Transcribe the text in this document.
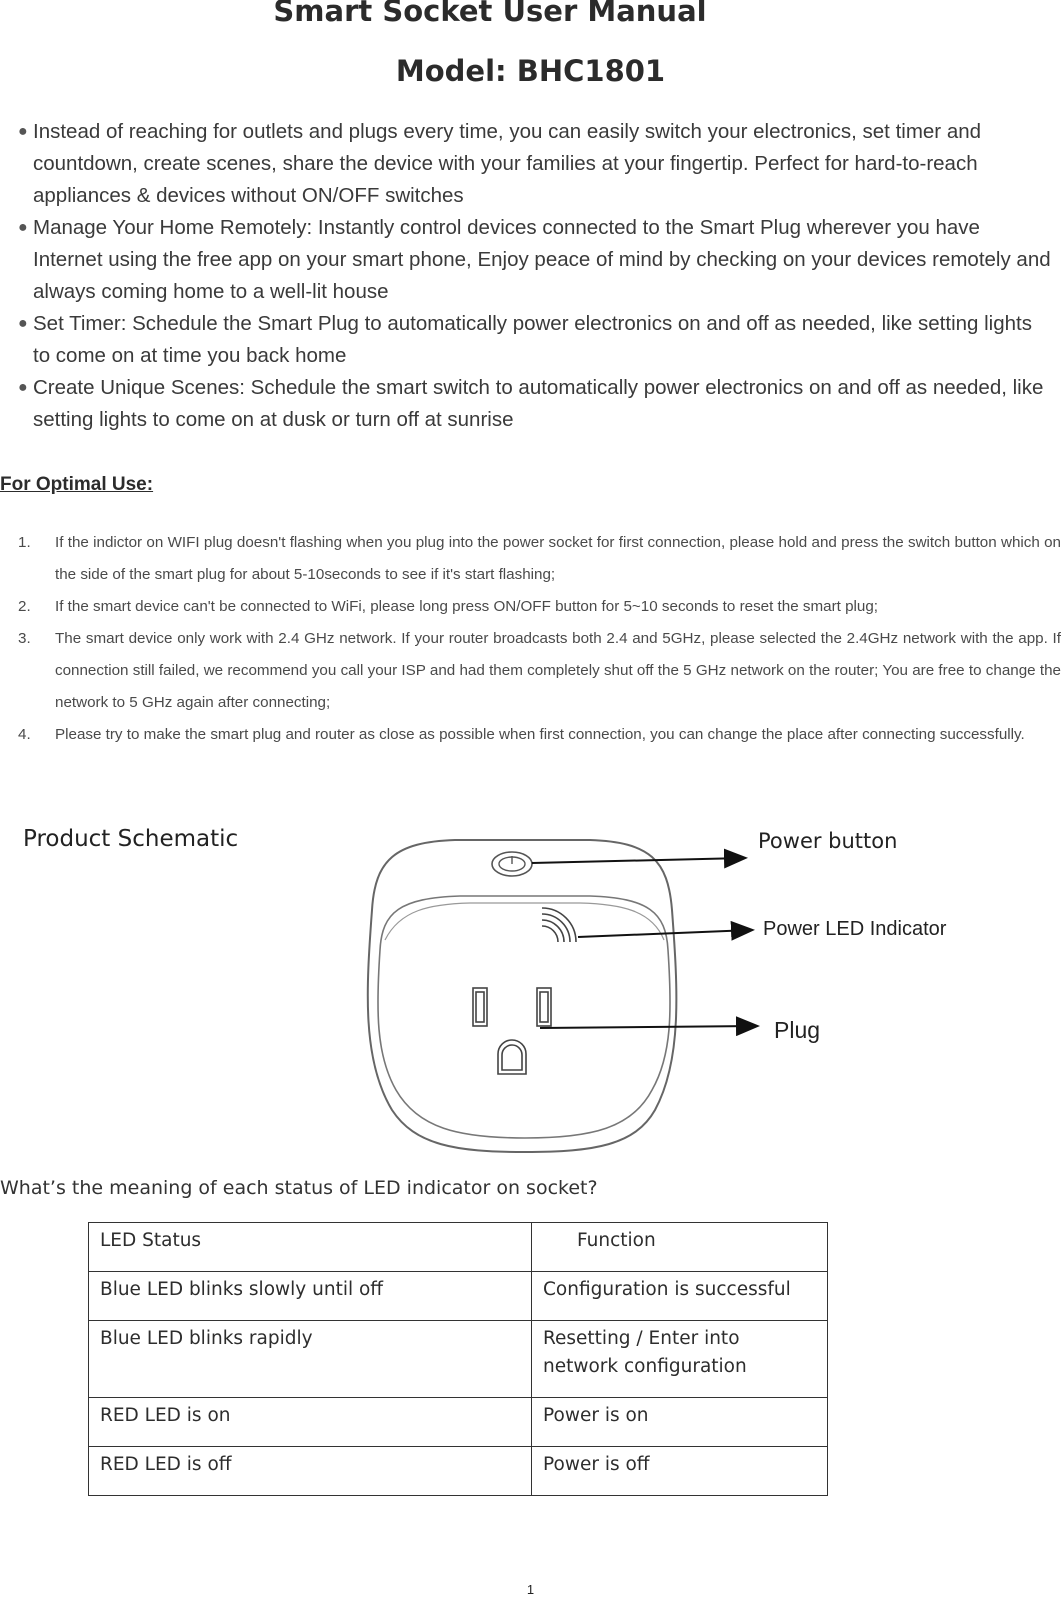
Smart Socket User Manual
Model: BHC1801
● Instead of reaching for outlets and plugs every time, you can easily switch your electronics, set timer and countdown, create scenes, share the device with your families at your fingertip. Perfect for hard-to-reach appliances & devices without ON/OFF switches
● Manage Your Home Remotely: Instantly control devices connected to the Smart Plug wherever you have Internet using the free app on your smart phone, Enjoy peace of mind by checking on your devices remotely and always coming home to a well-lit house
● Set Timer: Schedule the Smart Plug to automatically power electronics on and off as needed, like setting lights to come on at time you back home
● Create Unique Scenes: Schedule the smart switch to automatically power electronics on and off as needed, like setting lights to come on at dusk or turn off at sunrise
For Optimal Use:
1.	If the indictor on WIFI plug doesn't flashing when you plug into the power socket for first connection, please hold and press the switch button which on the side of the smart plug for about 5-10seconds to see if it's start flashing;
2.	If the smart device can't be connected to WiFi, please long press ON/OFF button for 5~10 seconds to reset the smart plug;
3.	The smart device only work with 2.4 GHz network. If your router broadcasts both 2.4 and 5GHz, please selected the 2.4GHz network with the app. If connection still failed, we recommend you call your ISP and had them completely shut off the 5 GHz network on the router; You are free to change the network to 5 GHz again after connecting;
4.	Please try to make the smart plug and router as close as possible when first connection, you can change the place after connecting successfully.
Product Schematic	Power button
Power LED Indicator
Plug
What’s the meaning of each status of LED indicator on socket?
LED Status	Function
Blue LED blinks slowly until off	Configuration is successful
Blue LED blinks rapidly	Resetting / Enter into network configuration
RED LED is on	Power is on
RED LED is off	Power is off
1
